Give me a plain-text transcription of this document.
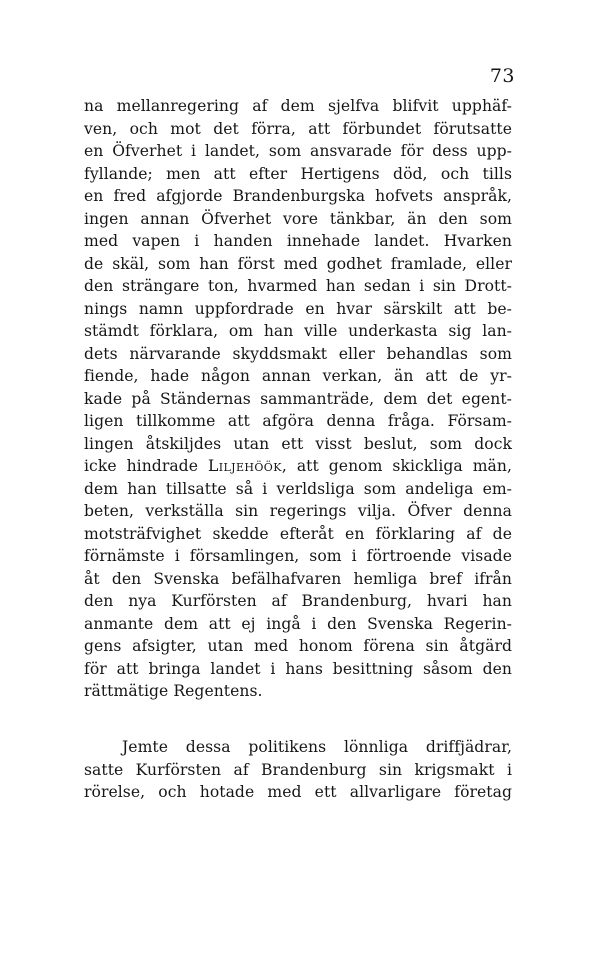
73
na mellanregering af dem sjelfva blifvit upphäf-
ven, och mot det förra, att förbundet förutsatte
en Öfverhet i landet, som ansvarade för dess upp-
fyllande; men att efter Hertigens död, och tills
en fred afgjorde Brandenburgska hofvets anspråk,
ingen annan Öfverhet vore tänkbar, än den som
med vapen i handen innehade landet. Hvarken
de skäl, som han först med godhet framlade, eller
den strängare ton, hvarmed han sedan i sin Drott-
nings namn uppfordrade en hvar särskilt att be-
stämdt förklara, om han ville underkasta sig lan-
dets närvarande skyddsmakt eller behandlas som
fiende, hade någon annan verkan, än att de yr-
kade på Ständernas sammanträde, dem det egent-
ligen tillkomme att afgöra denna fråga. Försam-
lingen åtskiljdes utan ett visst beslut, som dock
icke hindrade Liljehöök, att genom skickliga män,
dem han tillsatte så i verldsliga som andeliga em-
beten, verkställa sin regerings vilja. Öfver denna
motsträfvighet skedde efteråt en förklaring af de
förnämste i församlingen, som i förtroende visade
åt den Svenska befälhafvaren hemliga bref ifrån
den nya Kurförsten af Brandenburg, hvari han
anmante dem att ej ingå i den Svenska Regerin-
gens afsigter, utan med honom förena sin åtgärd
för att bringa landet i hans besittning såsom den
rättmätige Regentens.
Jemte dessa politikens lönnliga driffjädrar,
satte Kurförsten af Brandenburg sin krigsmakt i
rörelse, och hotade med ett allvarligare företag
